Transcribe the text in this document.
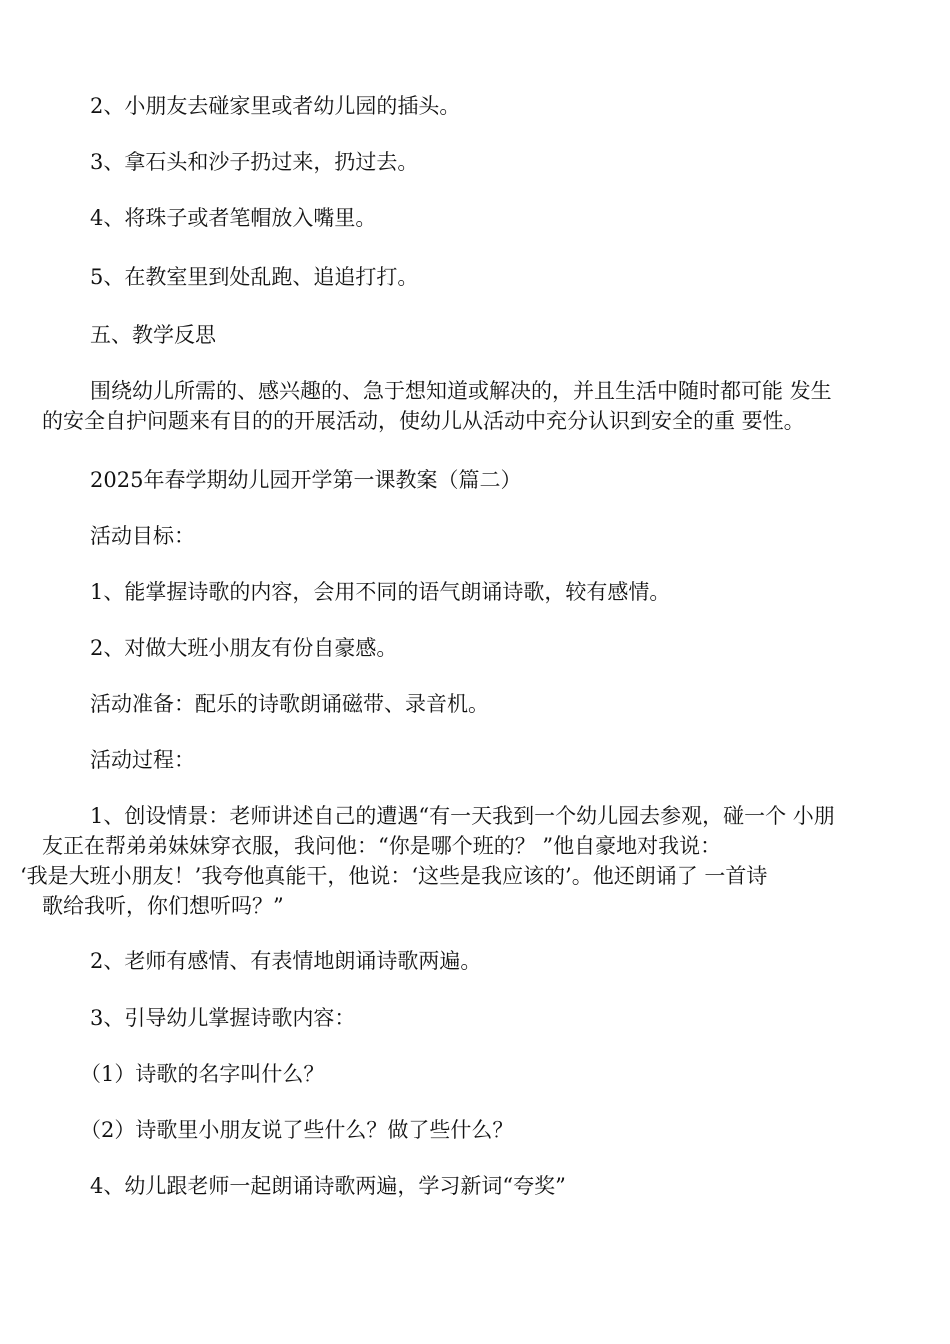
2、小朋友去碰家里或者幼儿园的插头。

3、拿石头和沙子扔过来，扔过去。

4、将珠子或者笔帽放入嘴里。

5、在教室里到处乱跑、追追打打。

五、教学反思

围绕幼儿所需的、感兴趣的、急于想知道或解决的，并且生活中随时都可能 发生
的安全自护问题来有目的的开展活动，使幼儿从活动中充分认识到安全的重 要性。

2025年春学期幼儿园开学第一课教案（篇二）

活动目标：

1、能掌握诗歌的内容，会用不同的语气朗诵诗歌，较有感情。

2、对做大班小朋友有份自豪感。

活动准备：配乐的诗歌朗诵磁带、录音机。

活动过程：

1、创设情景：老师讲述自己的遭遇“有一天我到一个幼儿园去参观，碰一个 小朋
友正在帮弟弟妹妹穿衣服，我问他：“你是哪个班的？ ”他自豪地对我说：
‘我是大班小朋友！’我夸他真能干，他说：‘这些是我应该的’。他还朗诵了 一首诗
歌给我听，你们想听吗？”

2、老师有感情、有表情地朗诵诗歌两遍。

3、引导幼儿掌握诗歌内容：

（1）诗歌的名字叫什么？

（2）诗歌里小朋友说了些什么？做了些什么？

4、幼儿跟老师一起朗诵诗歌两遍，学习新词“夸奖”
